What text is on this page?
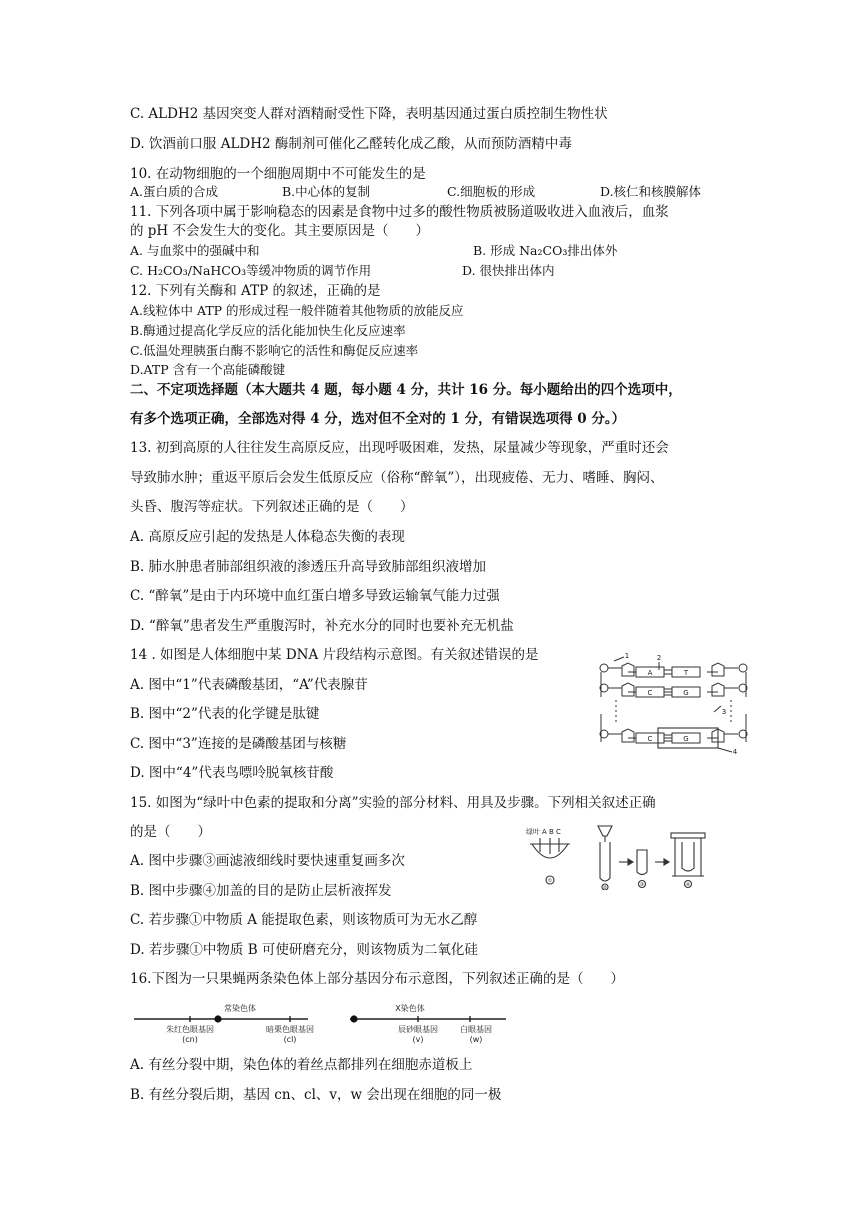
C. ALDH2 基因突变人群对酒精耐受性下降，表明基因通过蛋白质控制生物性状
D. 饮酒前口服 ALDH2 酶制剂可催化乙醛转化成乙酸，从而预防酒精中毒
10. 在动物细胞的一个细胞周期中不可能发生的是
A.蛋白质的合成	B.中心体的复制	C.细胞板的形成	D.核仁和核膜解体
11. 下列各项中属于影响稳态的因素是食物中过多的酸性物质被肠道吸收进入血液后，血浆
的 pH 不会发生大的变化。其主要原因是（　　）
A. 与血浆中的强碱中和	B. 形成 Na₂CO₃排出体外
C. H₂CO₃/NaHCO₃等缓冲物质的调节作用	D. 很快排出体内
12. 下列有关酶和 ATP 的叙述，正确的是
A.线粒体中 ATP 的形成过程一般伴随着其他物质的放能反应
B.酶通过提高化学反应的活化能加快生化反应速率
C.低温处理胰蛋白酶不影响它的活性和酶促反应速率
D.ATP 含有一个高能磷酸键
二、不定项选择题（本大题共 4 题，每小题 4 分，共计 16 分。每小题给出的四个选项中，
有多个选项正确，全部选对得 4 分，选对但不全对的 1 分，有错误选项得 0 分。）
13. 初到高原的人往往发生高原反应，出现呼吸困难，发热，尿量减少等现象，严重时还会
导致肺水肿；重返平原后会发生低原反应（俗称“醉氧”），出现疲倦、无力、嗜睡、胸闷、
头昏、腹泻等症状。下列叙述正确的是（　　）
A. 高原反应引起的发热是人体稳态失衡的表现
B. 肺水肿患者肺部组织液的渗透压升高导致肺部组织液增加
C. “醉氧”是由于内环境中血红蛋白增多导致运输氧气能力过强
D. “醉氧”患者发生严重腹泻时，补充水分的同时也要补充无机盐
14 . 如图是人体细胞中某 DNA 片段结构示意图。有关叙述错误的是
A. 图中“1”代表磷酸基团，“A”代表腺苷
B. 图中“2”代表的化学键是肽键
C. 图中“3”连接的是磷酸基团与核糖
D. 图中“4”代表鸟嘌呤脱氧核苷酸
15. 如图为“绿叶中色素的提取和分离”实验的部分材料、用具及步骤。下列相关叙述正确
的是（　　）
A. 图中步骤③画滤液细线时要快速重复画多次
B. 图中步骤④加盖的目的是防止层析液挥发
C. 若步骤①中物质 A 能提取色素，则该物质可为无水乙醇
D. 若步骤①中物质 B 可使研磨充分，则该物质为二氧化硅
16.下图为一只果蝇两条染色体上部分基因分布示意图，下列叙述正确的是（　　）
A. 有丝分裂中期，染色体的着丝点都排列在细胞赤道板上
B. 有丝分裂后期，基因 cn、cl、v，w 会出现在细胞的同一极
A	T
C	G
C	G
1	2
3
4
绿叶 A B C
①
②	③	④
常染色体	X染色体
朱红色眼基因
(cn)
暗栗色眼基因
(cl)
辰砂眼基因
(v)
白眼基因
(w)
